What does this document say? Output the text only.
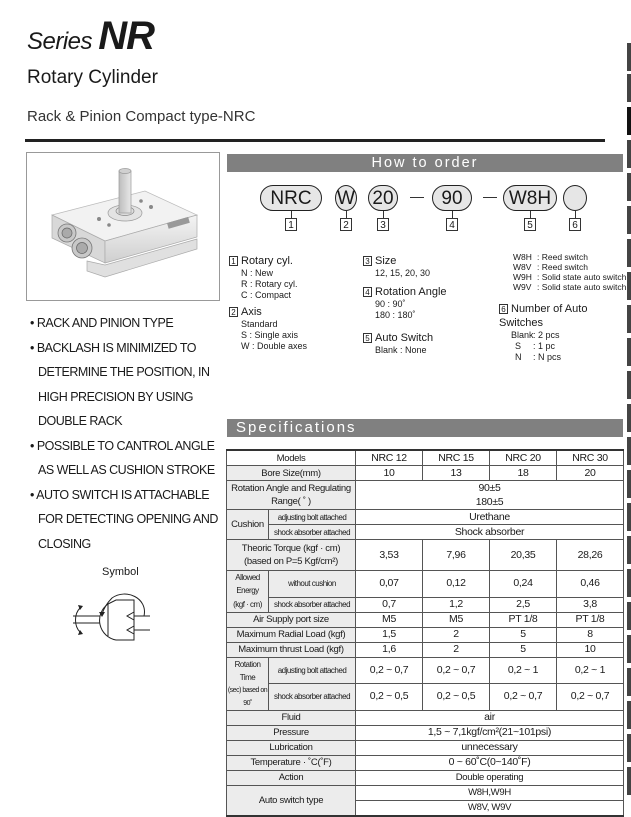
Series NR
Rotary Cylinder
Rack & Pinion Compact type-NRC
• RACK AND PINION TYPE
• BACKLASH IS MINIMIZED TO DETERMINE THE POSITION, IN HIGH PRECISION BY USING DOUBLE RACK
• POSSIBLE TO CANTROL ANGLE AS WELL AS CUSHION STROKE
• AUTO SWITCH IS ATTACHABLE FOR DETECTING OPENING AND CLOSING
Symbol
How to order
NRC
1
W
2
20
3
90
4
W8H
5	6
1 Rotary cyl.
N : New
R : Rotary cyl.
C : Compact
2 Axis
Standard
S : Single axis
W : Double axes
3 Size
12, 15, 20, 30
4 Rotation Angle
90 : 90˚
180 : 180˚
5 Auto Switch
Blank : None
W8H : Reed switch
W8V : Reed switch
W9H : Solid state auto switch
W9V : Solid state auto switch
6 Number of Auto Switches
Blank: 2 pcs
S : 1 pc
N : N pcs
Specifications
Models		NRC 12	NRC 15	NRC 20	NRC 30
Bore Size(mm)		10	13	18	20

Rotation Angle and Regulating
Range( ˚ )		90±5			
		180±5			
Cushion	adjusting bolt attached	Urethane			
	shock absorber attached	Shock absorber			

Theoric Torque (kgf · cm)
(based on P=5 Kgf/cm²)		3,53	7,96	20,35	28,26
Allowed Energy	without cushion	0,07	0,12	0,24	0,46
(kgf · cm)	shock absorber attached	0,7	1,2	2,5	3,8
Air Supply port size		M5	M5	PT 1/8	PT 1/8
Maximum Radial Load (kgf)		1,5	2	5	8
Maximum thrust Load (kgf)		1,6	2	5	10
Rotation Time	adjusting bolt attached	0,2 ~ 0,7	0,2 ~ 0,7	0,2 ~ 1	0,2 ~ 1
(sec) based on 90˚	shock absorber attached	0,2 ~ 0,5	0,2 ~ 0,5	0,2 ~ 0,7	0,2 ~ 0,7
Fluid		air			
Pressure		1,5 ~ 7,1kgf/cm²(21~101psi)			
Lubrication		unnecessary			
Temperature · ˚C(˚F)		0 ~ 60˚C(0~140˚F)			
Action		Double operating			
Auto switch type		W8H,W9H			
		W8V, W9V			
